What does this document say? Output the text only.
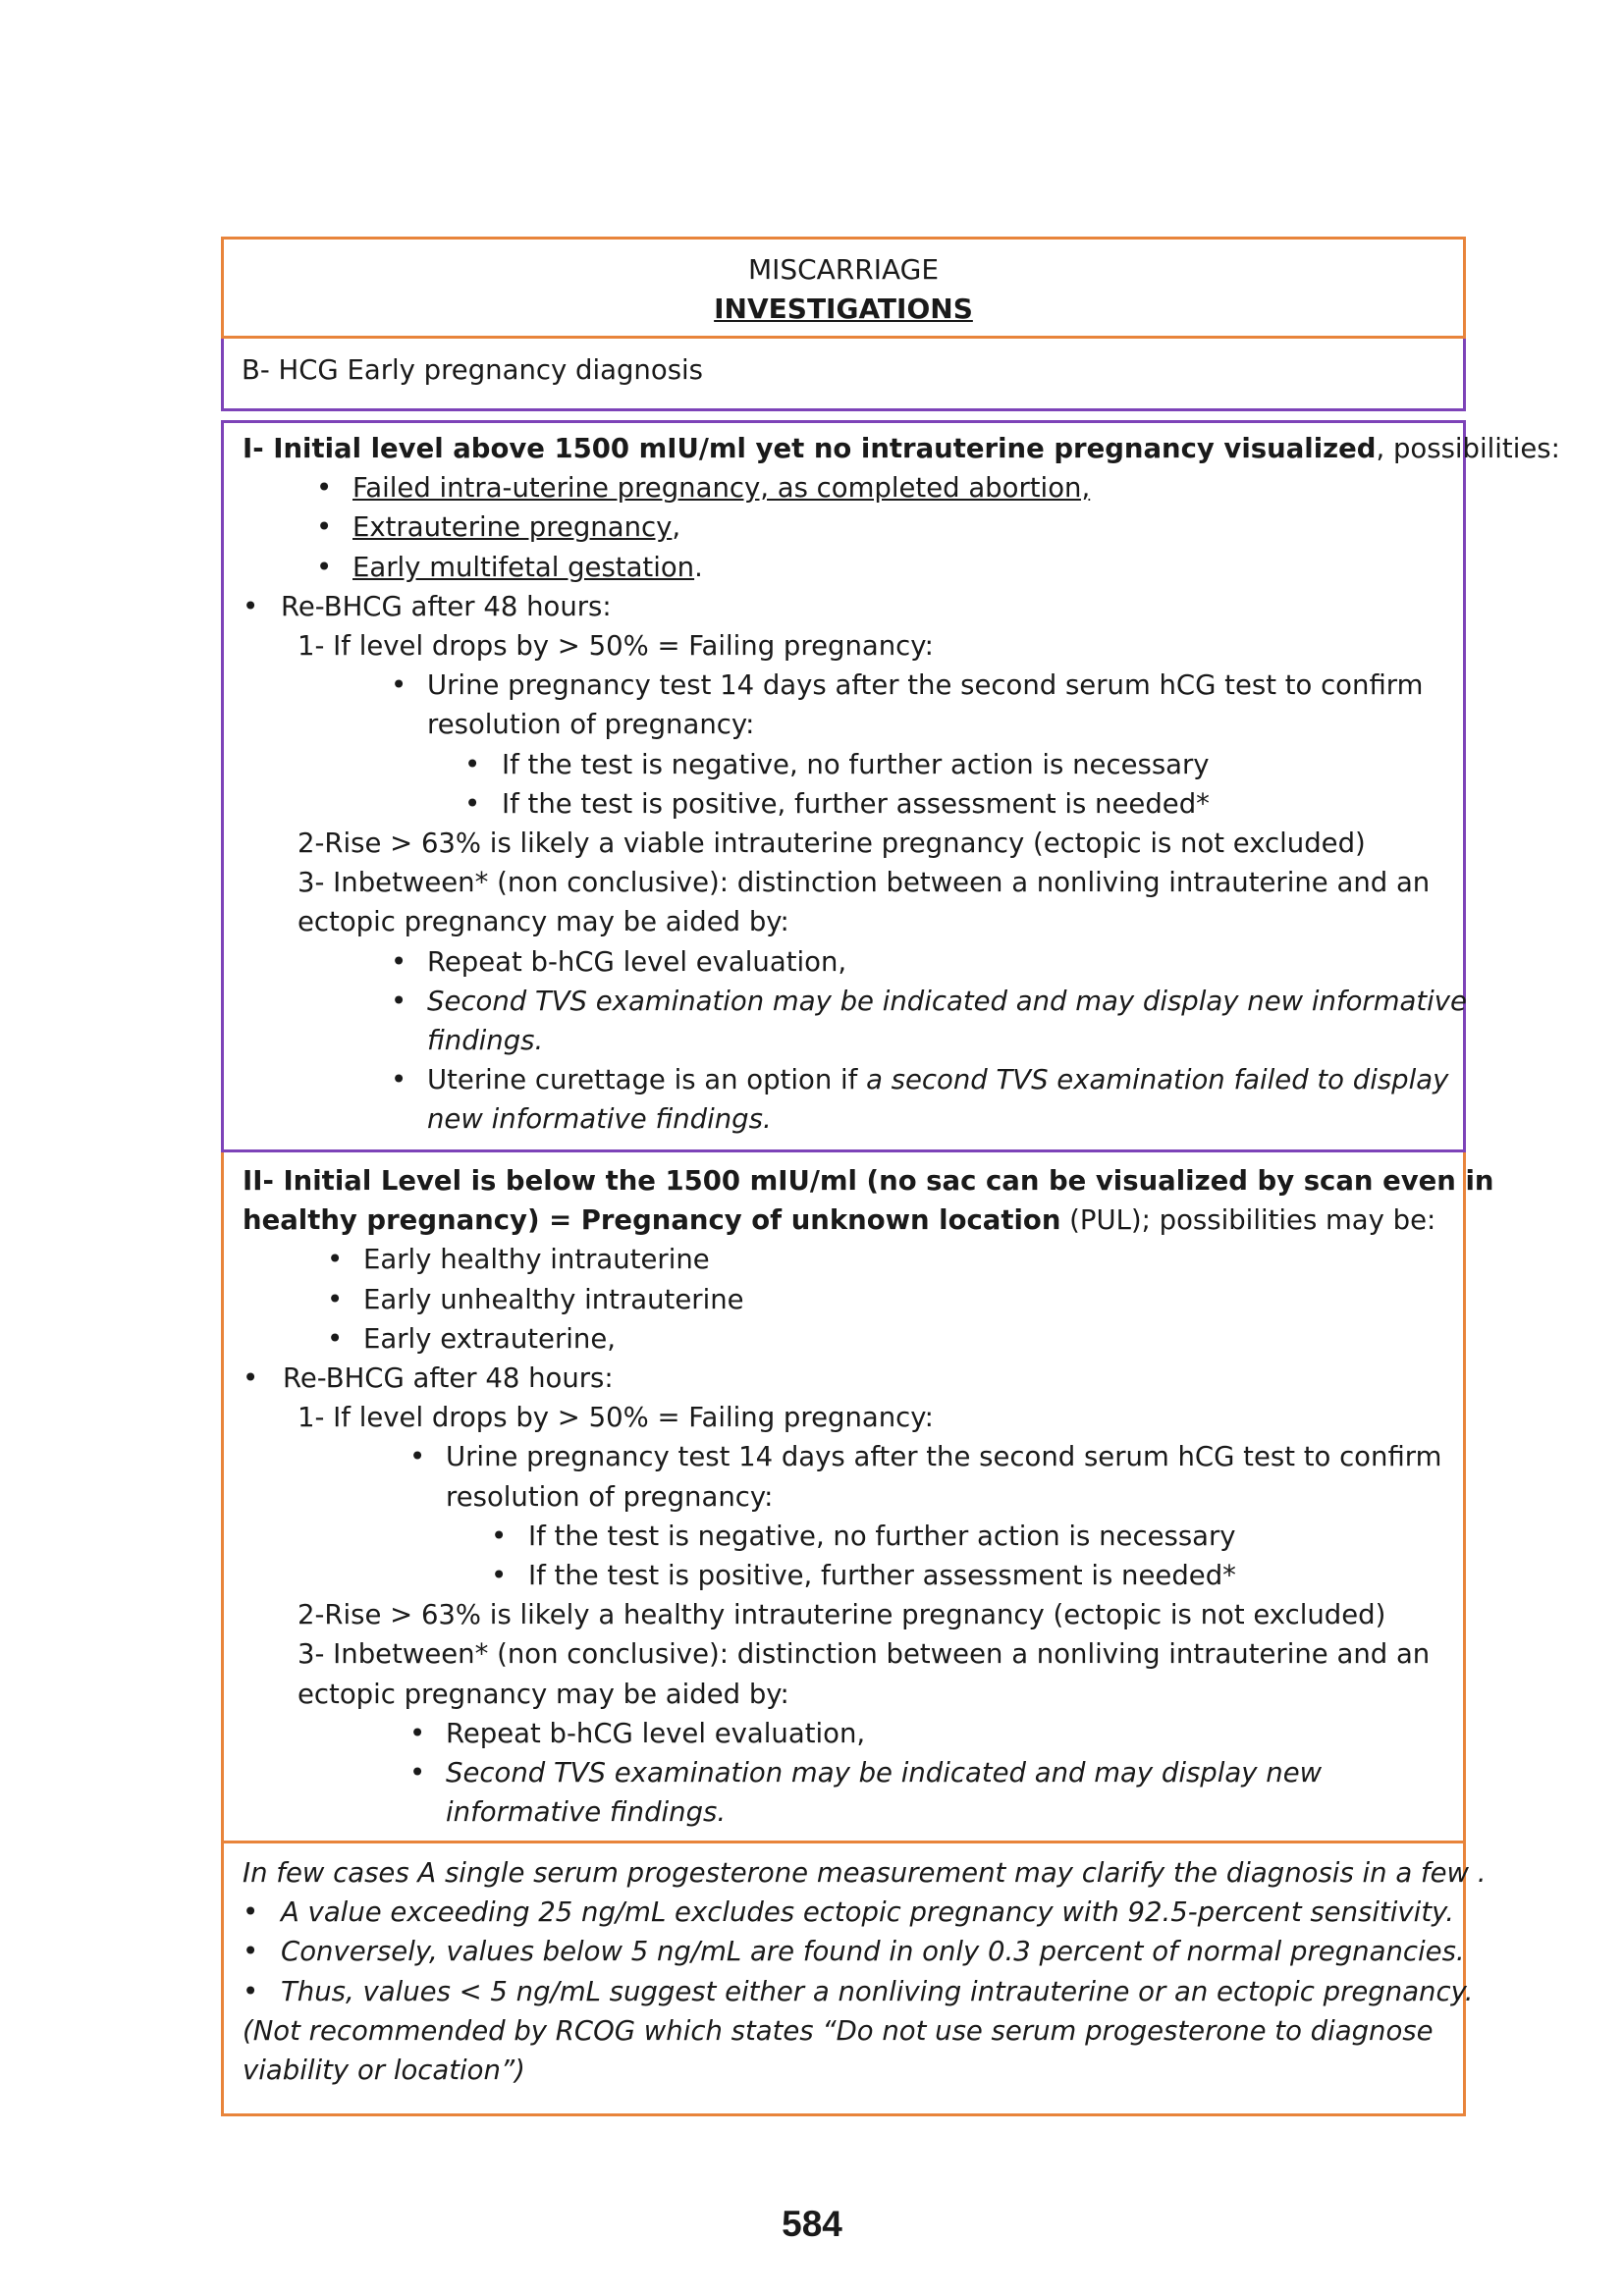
MISCARRIAGE
INVESTIGATIONS
B- HCG Early pregnancy diagnosis
I- Initial level above 1500 mIU/ml yet no intrauterine pregnancy visualized, possibilities:
•
Failed intra-uterine pregnancy, as completed abortion,
•
Extrauterine pregnancy,
•
Early multifetal gestation.
•
Re-BHCG after 48 hours:
1- If level drops by > 50% = Failing pregnancy:
•
Urine pregnancy test 14 days after the second serum hCG test to confirm
resolution of pregnancy:
•
If the test is negative, no further action is necessary
•
If the test is positive, further assessment is needed*
2-Rise > 63% is likely a viable intrauterine pregnancy (ectopic is not excluded)
3- Inbetween* (non conclusive): distinction between a nonliving intrauterine and an
ectopic pregnancy may be aided by:
•
Repeat b-hCG level evaluation,
•
Second TVS examination may be indicated and may display new informative
findings.
•
Uterine curettage is an option if a second TVS examination failed to display
new informative findings.
II- Initial Level is below the 1500 mIU/ml (no sac can be visualized by scan even in
healthy pregnancy) = Pregnancy of unknown location (PUL); possibilities may be:
•
Early healthy intrauterine
•
Early unhealthy intrauterine
•
Early extrauterine,
•
Re-BHCG after 48 hours:
1- If level drops by > 50% = Failing pregnancy:
•
Urine pregnancy test 14 days after the second serum hCG test to confirm
resolution of pregnancy:
•
If the test is negative, no further action is necessary
•
If the test is positive, further assessment is needed*
2-Rise > 63% is likely a healthy intrauterine pregnancy (ectopic is not excluded)
3- Inbetween* (non conclusive): distinction between a nonliving intrauterine and an
ectopic pregnancy may be aided by:
•
Repeat b-hCG level evaluation,
•
Second TVS examination may be indicated and may display new
informative findings.
In few cases A single serum progesterone measurement may clarify the diagnosis in a few .
•
A value exceeding 25 ng/mL excludes ectopic pregnancy with 92.5-percent sensitivity.
•
Conversely, values below 5 ng/mL are found in only 0.3 percent of normal pregnancies.
•
Thus, values < 5 ng/mL suggest either a nonliving intrauterine or an ectopic pregnancy.
(Not recommended by RCOG which states “Do not use serum progesterone to diagnose
viability or location”)
584
